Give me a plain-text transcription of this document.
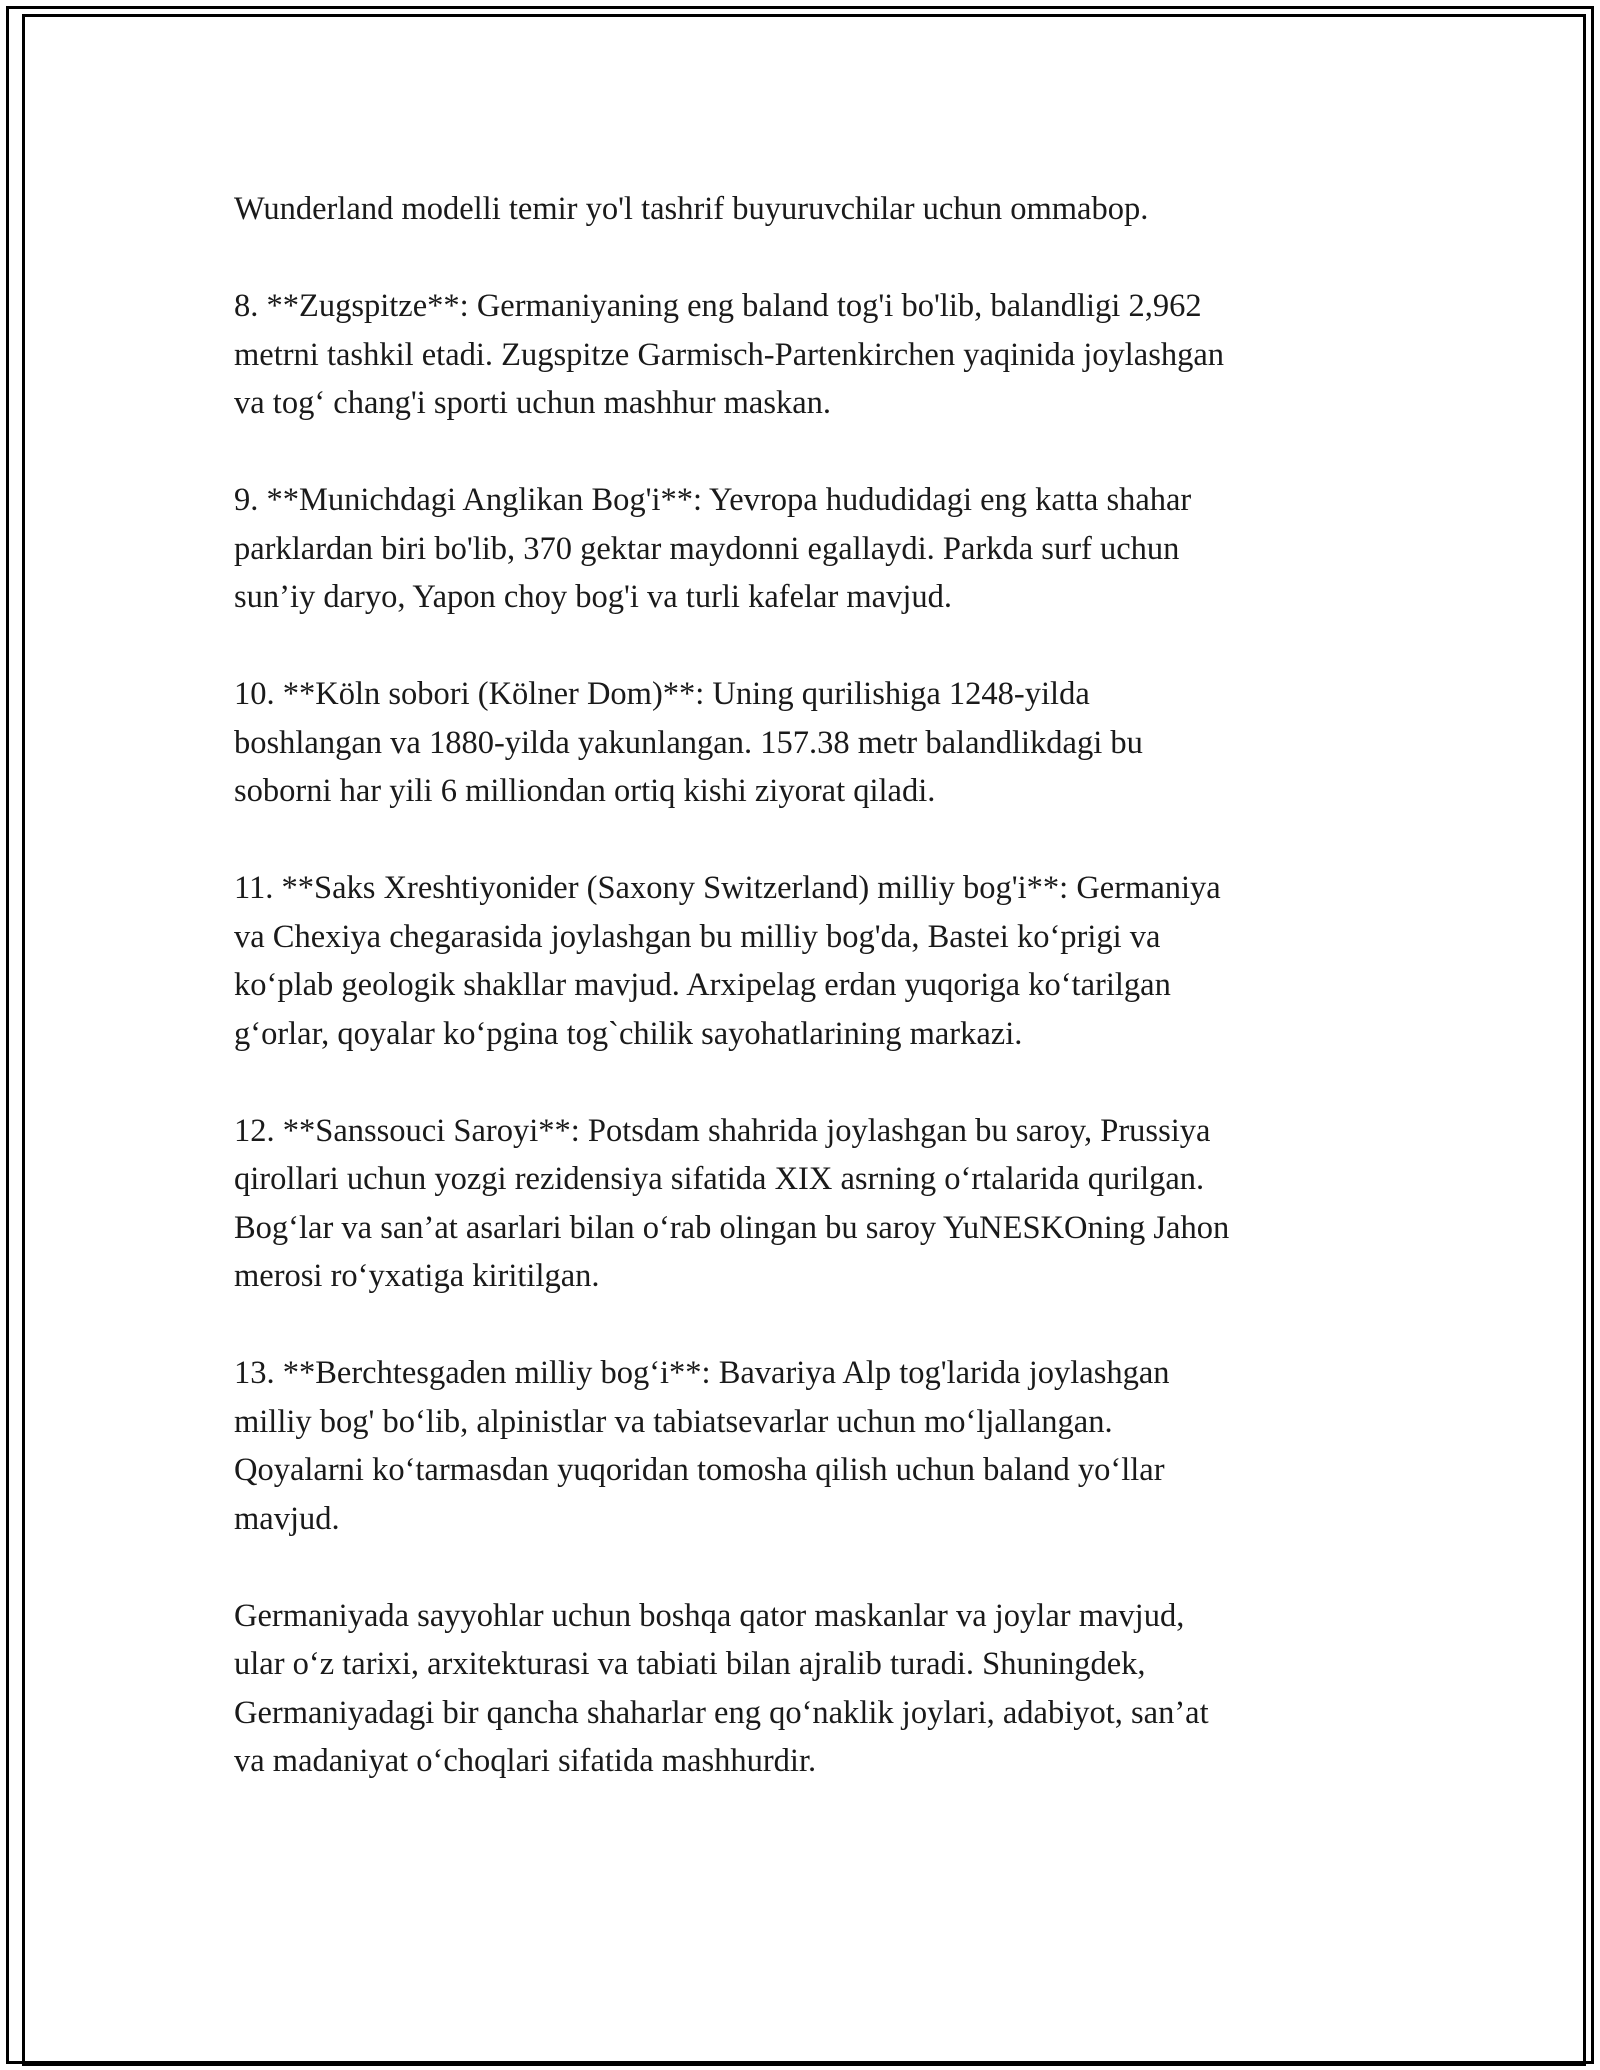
Wunderland modelli temir yo'l tashrif buyuruvchilar uchun ommabop.

8. **Zugspitze**: Germaniyaning eng baland tog'i bo'lib, balandligi 2,962
metrni tashkil etadi. Zugspitze Garmisch-Partenkirchen yaqinida joylashgan
va tog‘ chang'i sporti uchun mashhur maskan.

9. **Munichdagi Anglikan Bog'i**: Yevropa hududidagi eng katta shahar
parklardan biri bo'lib, 370 gektar maydonni egallaydi. Parkda surf uchun
sun’iy daryo, Yapon choy bog'i va turli kafelar mavjud.

10. **Köln sobori (Kölner Dom)**: Uning qurilishiga 1248-yilda
boshlangan va 1880-yilda yakunlangan. 157.38 metr balandlikdagi bu
soborni har yili 6 milliondan ortiq kishi ziyorat qiladi.

11. **Saks Xreshtiyonider (Saxony Switzerland) milliy bog'i**: Germaniya
va Chexiya chegarasida joylashgan bu milliy bog'da, Bastei ko‘prigi va
ko‘plab geologik shakllar mavjud. Arxipelag erdan yuqoriga ko‘tarilgan
g‘orlar, qoyalar ko‘pgina tog`chilik sayohatlarining markazi.

12. **Sanssouci Saroyi**: Potsdam shahrida joylashgan bu saroy, Prussiya
qirollari uchun yozgi rezidensiya sifatida XIX asrning o‘rtalarida qurilgan.
Bog‘lar va san’at asarlari bilan o‘rab olingan bu saroy YuNESKOning Jahon
merosi ro‘yxatiga kiritilgan.

13. **Berchtesgaden milliy bog‘i**: Bavariya Alp tog'larida joylashgan
milliy bog' bo‘lib, alpinistlar va tabiatsevarlar uchun mo‘ljallangan.
Qoyalarni ko‘tarmasdan yuqoridan tomosha qilish uchun baland yo‘llar
mavjud.

Germaniyada sayyohlar uchun boshqa qator maskanlar va joylar mavjud,
ular o‘z tarixi, arxitekturasi va tabiati bilan ajralib turadi. Shuningdek,
Germaniyadagi bir qancha shaharlar eng qo‘naklik joylari, adabiyot, san’at
va madaniyat o‘choqlari sifatida mashhurdir.
